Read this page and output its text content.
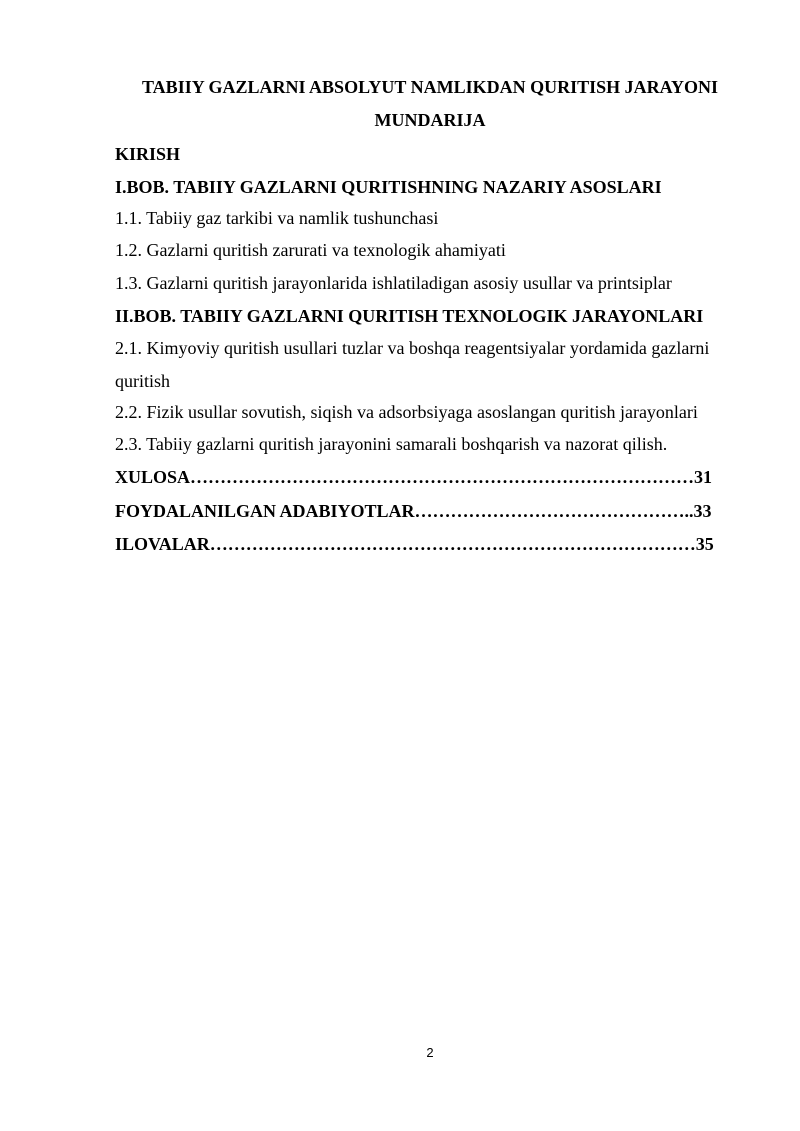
TABIIY GAZLARNI ABSOLYUT NAMLIKDAN QURITISH JARAYONI
MUNDARIJA
KIRISH
I.BOB. TABIIY GAZLARNI QURITISHNING NAZARIY ASOSLARI
1.1. Tabiiy gaz tarkibi va namlik tushunchasi
1.2. Gazlarni quritish zarurati va texnologik ahamiyati
1.3. Gazlarni quritish jarayonlarida ishlatiladigan asosiy usullar va printsiplar
II.BOB. TABIIY GAZLARNI QURITISH TEXNOLOGIK JARAYONLARI
2.1. Kimyoviy quritish usullari tuzlar va boshqa reagentsiyalar yordamida gazlarni
quritish
2.2. Fizik usullar sovutish, siqish va adsorbsiyaga asoslangan quritish jarayonlari
2.3. Tabiiy gazlarni quritish jarayonini samarali boshqarish va nazorat qilish.
XULOSA…………………………………………………………………………31
FOYDALANILGAN ADABIYOTLAR………………………………………..33
ILOVALAR………………………………………………………………………35
2
